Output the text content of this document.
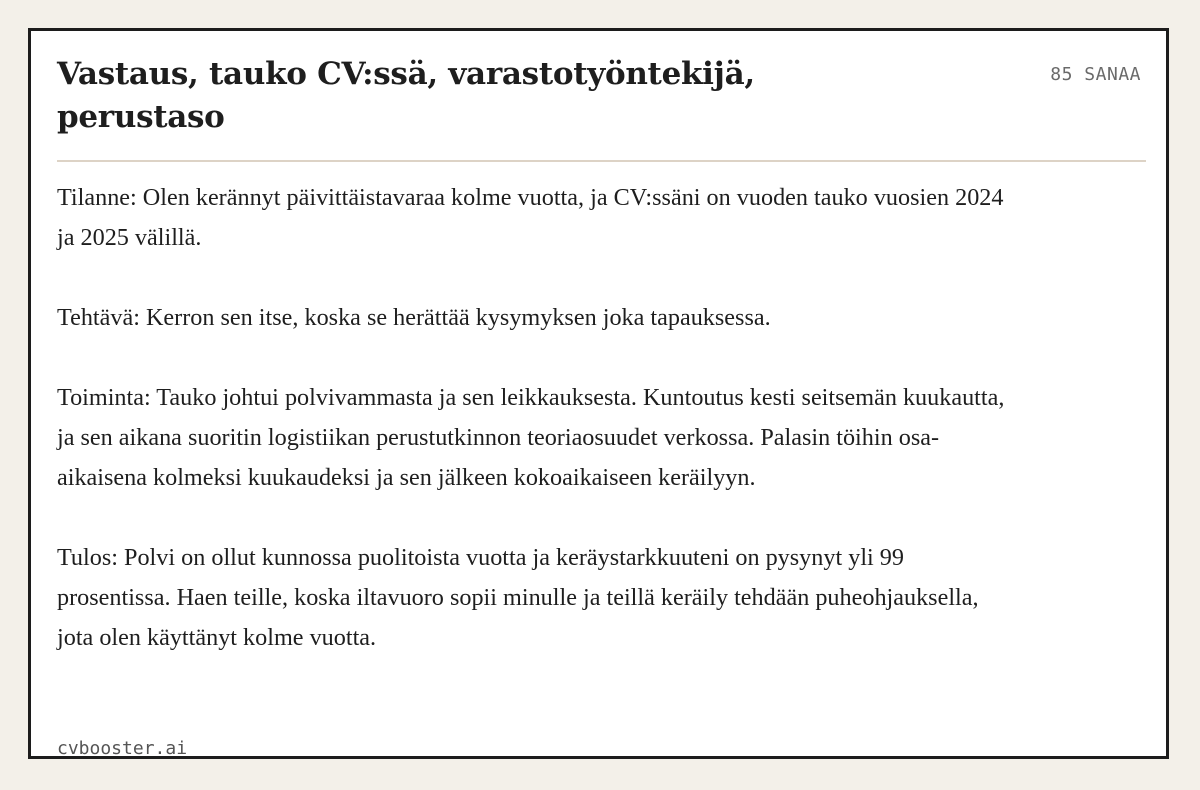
Vastaus, tauko CV:ssä, varastotyöntekijä, perustaso
85 SANAA

Tilanne: Olen kerännyt päivittäistavaraa kolme vuotta, ja CV:ssäni on vuoden tauko vuosien 2024 ja 2025 välillä.

Tehtävä: Kerron sen itse, koska se herättää kysymyksen joka tapauksessa.

Toiminta: Tauko johtui polvivammasta ja sen leikkauksesta. Kuntoutus kesti seitsemän kuukautta, ja sen aikana suoritin logistiikan perustutkinnon teoriaosuudet verkossa. Palasin töihin osa-aikaisena kolmeksi kuukaudeksi ja sen jälkeen kokoaikaiseen keräilyyn.

Tulos: Polvi on ollut kunnossa puolitoista vuotta ja keräystarkkuuteni on pysynyt yli 99 prosentissa. Haen teille, koska iltavuoro sopii minulle ja teillä keräily tehdään puheohjauksella, jota olen käyttänyt kolme vuotta.

cvbooster.ai
